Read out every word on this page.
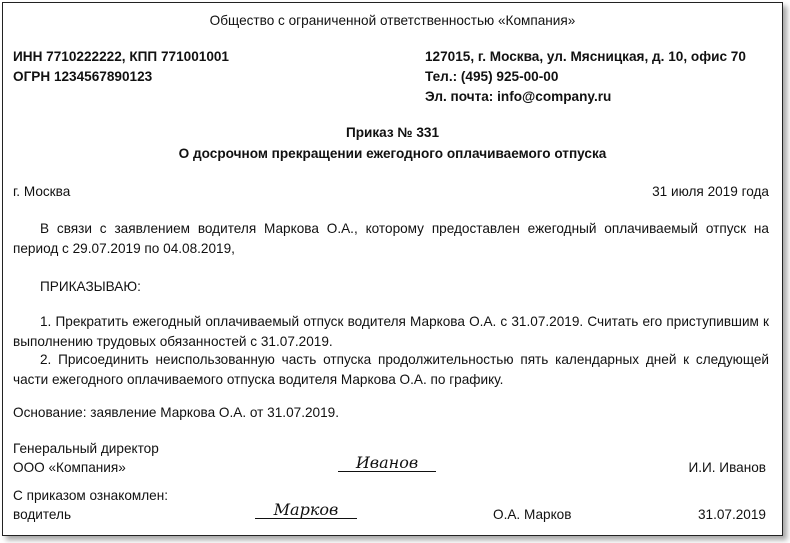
Общество с ограниченной ответственностью «Компания»
ИНН 7710222222, КПП 771001001
ОГРН 1234567890123
127015, г. Москва, ул. Мясницкая, д. 10, офис 70
Тел.: (495) 925-00-00
Эл. почта: info@company.ru
Приказ № 331
О досрочном прекращении ежегодного оплачиваемого отпуска
г. Москва	31 июля 2019 года
В связи с заявлением водителя Маркова О.А., которому предоставлен ежегодный оплачиваемый отпуск на период с 29.07.2019 по 04.08.2019,
ПРИКАЗЫВАЮ:
1. Прекратить ежегодный оплачиваемый отпуск водителя Маркова О.А. с 31.07.2019. Считать его приступившим к выполнению трудовых обязанностей с 31.07.2019.
2. Присоединить неиспользованную часть отпуска продолжительностью пять календарных дней к следующей части ежегодного оплачиваемого отпуска водителя Маркова О.А. по графику.
Основание: заявление Маркова О.А. от 31.07.2019.
Генеральный директор
ООО «Компания»	Иванов	И.И. Иванов
С приказом ознакомлен:
водитель	Марков	О.А. Марков	31.07.2019
